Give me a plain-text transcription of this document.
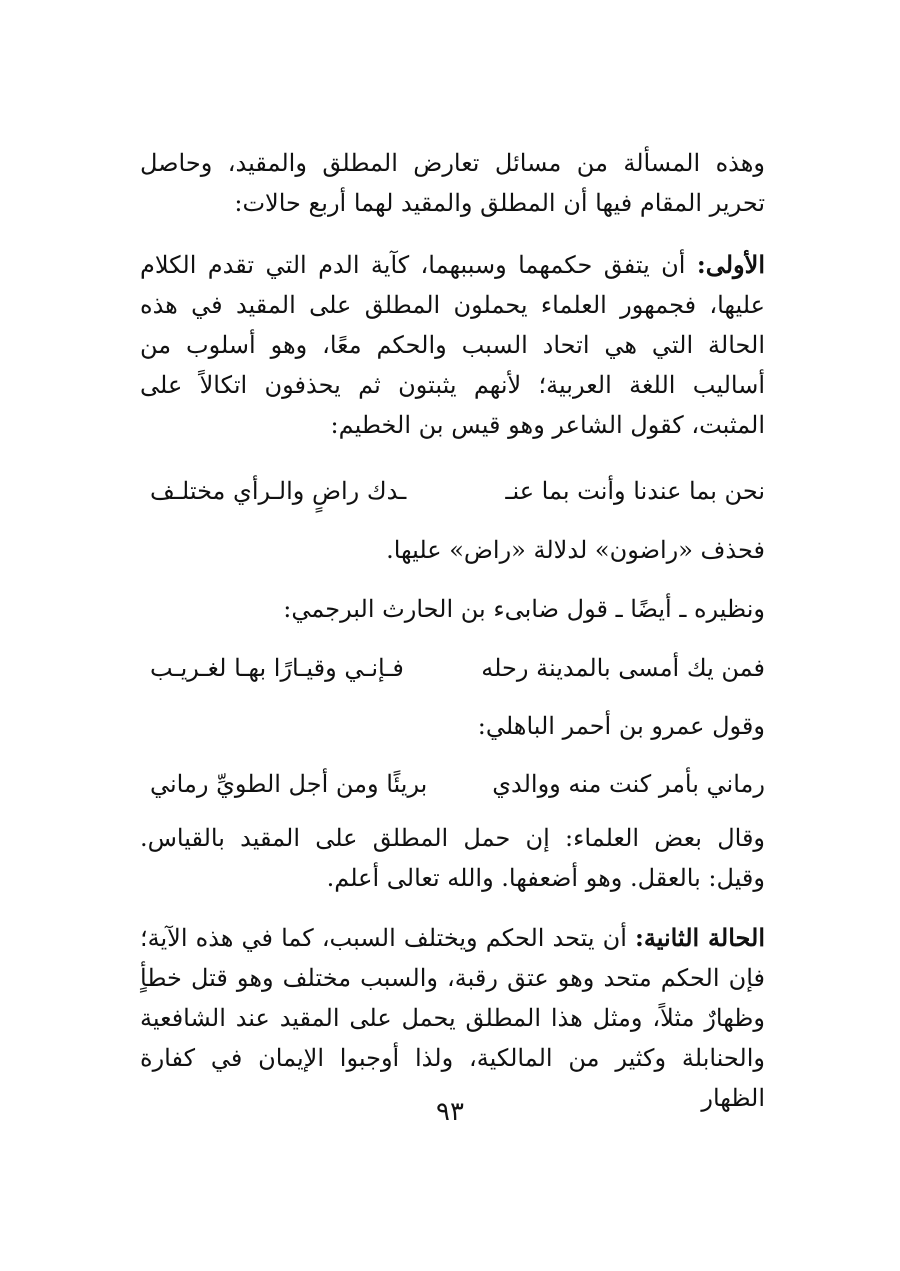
وهذه المسألة من مسائل تعارض المطلق والمقيد، وحاصل تحرير المقام فيها أن المطلق والمقيد لهما أربع حالات:

الأولى: أن يتفق حكمهما وسببهما، كآية الدم التي تقدم الكلام عليها، فجمهور العلماء يحملون المطلق على المقيد في هذه الحالة التي هي اتحاد السبب والحكم معًا، وهو أسلوب من أساليب اللغة العربية؛ لأنهم يثبتون ثم يحذفون اتكالاً على المثبت، كقول الشاعر وهو قيس بن الخطيم:

نحن بما عندنا وأنت بما عنـ
ـدك راضٍ والـرأي مختلـف
فحذف «راضون» لدلالة «راض» عليها.
ونظيره ـ أيضًا ـ قول ضابىء بن الحارث البرجمي:
فمن يك أمسى بالمدينة رحله
فـإنـي وقيـارًا بهـا لغـريـب
وقول عمرو بن أحمر الباهلي:
رماني بأمر كنت منه ووالدي
بريئًا ومن أجل الطويِّ رماني

وقال بعض العلماء: إن حمل المطلق على المقيد بالقياس. وقيل: بالعقل. وهو أضعفها. والله تعالى أعلم.

الحالة الثانية: أن يتحد الحكم ويختلف السبب، كما في هذه الآية؛ فإن الحكم متحد وهو عتق رقبة، والسبب مختلف وهو قتل خطأٍ وظهارٌ مثلاً، ومثل هذا المطلق يحمل على المقيد عند الشافعية والحنابلة وكثير من المالكية، ولذا أوجبوا الإيمان في كفارة الظهار

٩٣
